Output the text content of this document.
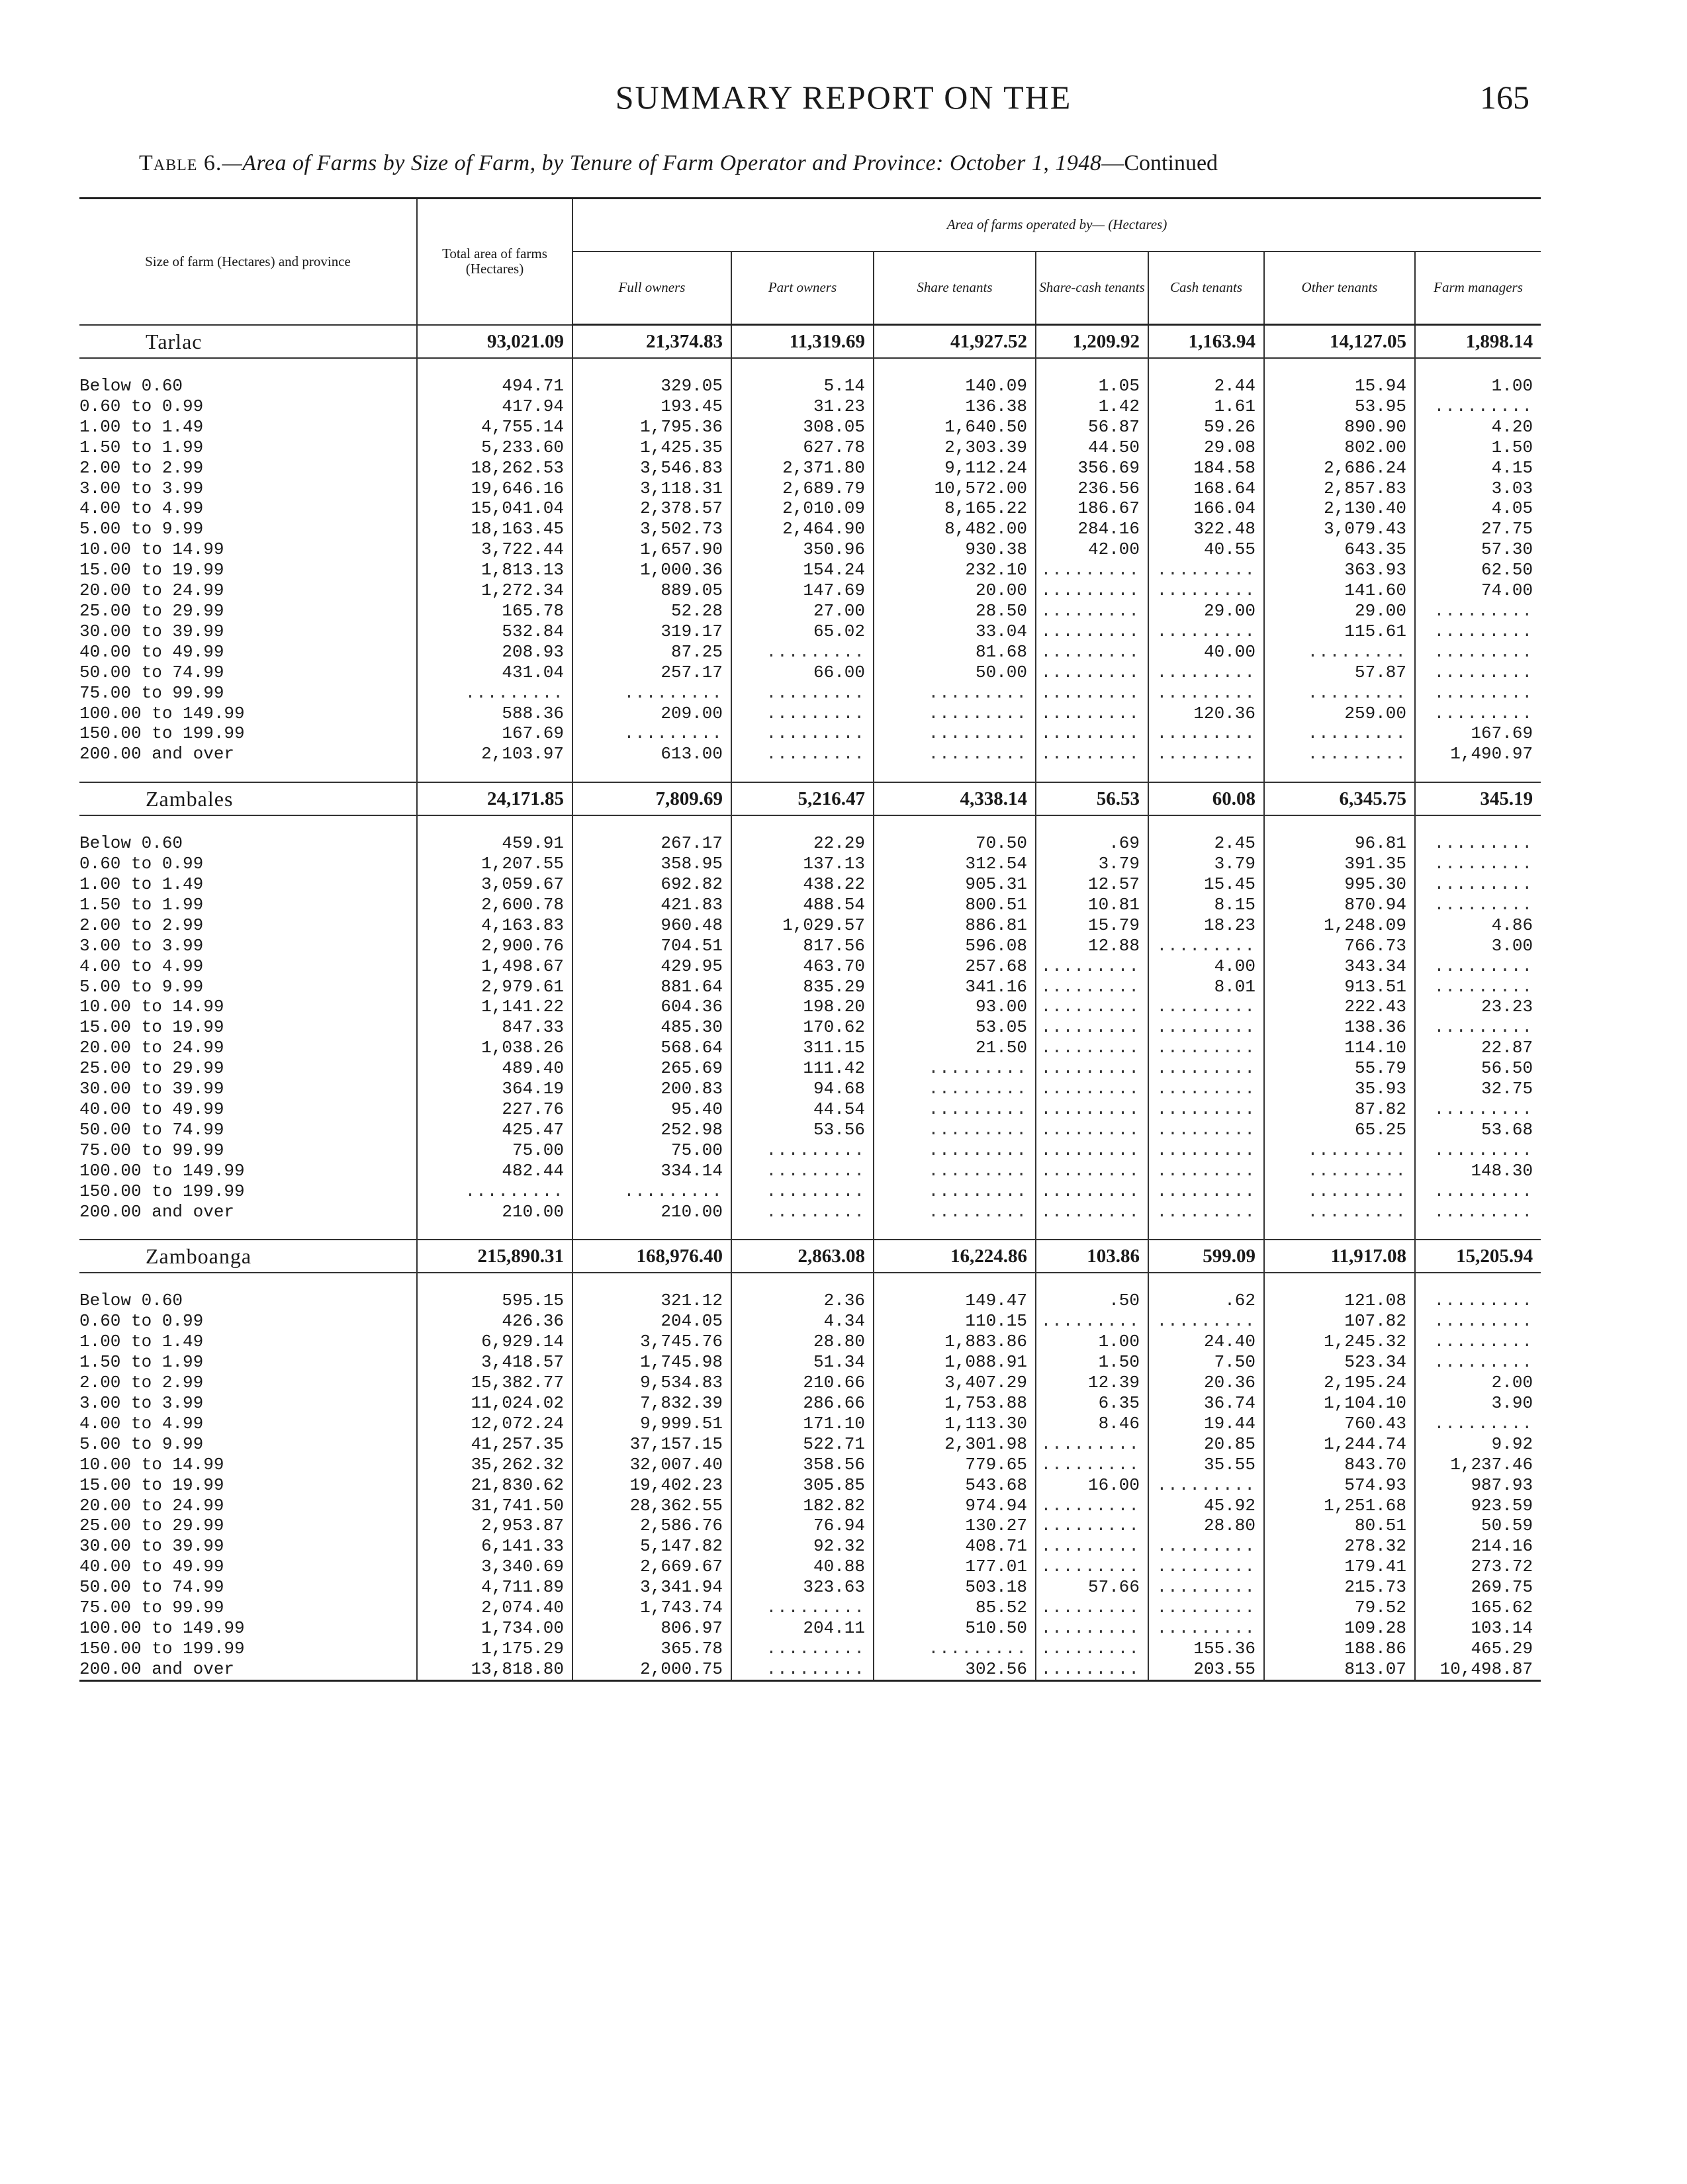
SUMMARY REPORT ON THE	165
Table 6.—Area of Farms by Size of Farm, by Tenure of Farm Operator and Province: October 1, 1948—Continued
Size of farm (Hectares) and province	Total area of farms (Hectares)	Area of farms operated by— (Hectares)						
		Full owners	Part owners	Share tenants	Share-cash tenants	Cash tenants	Other tenants	Farm managers
Tarlac	93,021.09	21,374.83	11,319.69	41,927.52	1,209.92	1,163.94	14,127.05	1,898.14

Below 0.60	494.71	329.05	5.14	140.09	1.05	2.44	15.94	1.00
0.60 to 0.99	417.94	193.45	31.23	136.38	1.42	1.61	53.95	.........
1.00 to 1.49	4,755.14	1,795.36	308.05	1,640.50	56.87	59.26	890.90	4.20
1.50 to 1.99	5,233.60	1,425.35	627.78	2,303.39	44.50	29.08	802.00	1.50
2.00 to 2.99	18,262.53	3,546.83	2,371.80	9,112.24	356.69	184.58	2,686.24	4.15
3.00 to 3.99	19,646.16	3,118.31	2,689.79	10,572.00	236.56	168.64	2,857.83	3.03
4.00 to 4.99	15,041.04	2,378.57	2,010.09	8,165.22	186.67	166.04	2,130.40	4.05
5.00 to 9.99	18,163.45	3,502.73	2,464.90	8,482.00	284.16	322.48	3,079.43	27.75
10.00 to 14.99	3,722.44	1,657.90	350.96	930.38	42.00	40.55	643.35	57.30
15.00 to 19.99	1,813.13	1,000.36	154.24	232.10	.........	.........	363.93	62.50
20.00 to 24.99	1,272.34	889.05	147.69	20.00	.........	.........	141.60	74.00
25.00 to 29.99	165.78	52.28	27.00	28.50	.........	29.00	29.00	.........
30.00 to 39.99	532.84	319.17	65.02	33.04	.........	.........	115.61	.........
40.00 to 49.99	208.93	87.25	.........	81.68	.........	40.00	.........	.........
50.00 to 74.99	431.04	257.17	66.00	50.00	.........	.........	57.87	.........
75.00 to 99.99	.........	.........	.........	.........	.........	.........	.........	.........
100.00 to 149.99	588.36	209.00	.........	.........	.........	120.36	259.00	.........
150.00 to 199.99	167.69	.........	.........	.........	.........	.........	.........	167.69
200.00 and over	2,103.97	613.00	.........	.........	.........	.........	.........	1,490.97

Zambales	24,171.85	7,809.69	5,216.47	4,338.14	56.53	60.08	6,345.75	345.19

Below 0.60	459.91	267.17	22.29	70.50	.69	2.45	96.81	.........
0.60 to 0.99	1,207.55	358.95	137.13	312.54	3.79	3.79	391.35	.........
1.00 to 1.49	3,059.67	692.82	438.22	905.31	12.57	15.45	995.30	.........
1.50 to 1.99	2,600.78	421.83	488.54	800.51	10.81	8.15	870.94	.........
2.00 to 2.99	4,163.83	960.48	1,029.57	886.81	15.79	18.23	1,248.09	4.86
3.00 to 3.99	2,900.76	704.51	817.56	596.08	12.88	.........	766.73	3.00
4.00 to 4.99	1,498.67	429.95	463.70	257.68	.........	4.00	343.34	.........
5.00 to 9.99	2,979.61	881.64	835.29	341.16	.........	8.01	913.51	.........
10.00 to 14.99	1,141.22	604.36	198.20	93.00	.........	.........	222.43	23.23
15.00 to 19.99	847.33	485.30	170.62	53.05	.........	.........	138.36	.........
20.00 to 24.99	1,038.26	568.64	311.15	21.50	.........	.........	114.10	22.87
25.00 to 29.99	489.40	265.69	111.42	.........	.........	.........	55.79	56.50
30.00 to 39.99	364.19	200.83	94.68	.........	.........	.........	35.93	32.75
40.00 to 49.99	227.76	95.40	44.54	.........	.........	.........	87.82	.........
50.00 to 74.99	425.47	252.98	53.56	.........	.........	.........	65.25	53.68
75.00 to 99.99	75.00	75.00	.........	.........	.........	.........	.........	.........
100.00 to 149.99	482.44	334.14	.........	.........	.........	.........	.........	148.30
150.00 to 199.99	.........	.........	.........	.........	.........	.........	.........	.........
200.00 and over	210.00	210.00	.........	.........	.........	.........	.........	.........

Zamboanga	215,890.31	168,976.40	2,863.08	16,224.86	103.86	599.09	11,917.08	15,205.94

Below 0.60	595.15	321.12	2.36	149.47	.50	.62	121.08	.........
0.60 to 0.99	426.36	204.05	4.34	110.15	.........	.........	107.82	.........
1.00 to 1.49	6,929.14	3,745.76	28.80	1,883.86	1.00	24.40	1,245.32	.........
1.50 to 1.99	3,418.57	1,745.98	51.34	1,088.91	1.50	7.50	523.34	.........
2.00 to 2.99	15,382.77	9,534.83	210.66	3,407.29	12.39	20.36	2,195.24	2.00
3.00 to 3.99	11,024.02	7,832.39	286.66	1,753.88	6.35	36.74	1,104.10	3.90
4.00 to 4.99	12,072.24	9,999.51	171.10	1,113.30	8.46	19.44	760.43	.........
5.00 to 9.99	41,257.35	37,157.15	522.71	2,301.98	.........	20.85	1,244.74	9.92
10.00 to 14.99	35,262.32	32,007.40	358.56	779.65	.........	35.55	843.70	1,237.46
15.00 to 19.99	21,830.62	19,402.23	305.85	543.68	16.00	.........	574.93	987.93
20.00 to 24.99	31,741.50	28,362.55	182.82	974.94	.........	45.92	1,251.68	923.59
25.00 to 29.99	2,953.87	2,586.76	76.94	130.27	.........	28.80	80.51	50.59
30.00 to 39.99	6,141.33	5,147.82	92.32	408.71	.........	.........	278.32	214.16
40.00 to 49.99	3,340.69	2,669.67	40.88	177.01	.........	.........	179.41	273.72
50.00 to 74.99	4,711.89	3,341.94	323.63	503.18	57.66	.........	215.73	269.75
75.00 to 99.99	2,074.40	1,743.74	.........	85.52	.........	.........	79.52	165.62
100.00 to 149.99	1,734.00	806.97	204.11	510.50	.........	.........	109.28	103.14
150.00 to 199.99	1,175.29	365.78	.........	.........	.........	155.36	188.86	465.29
200.00 and over	13,818.80	2,000.75	.........	302.56	.........	203.55	813.07	10,498.87
